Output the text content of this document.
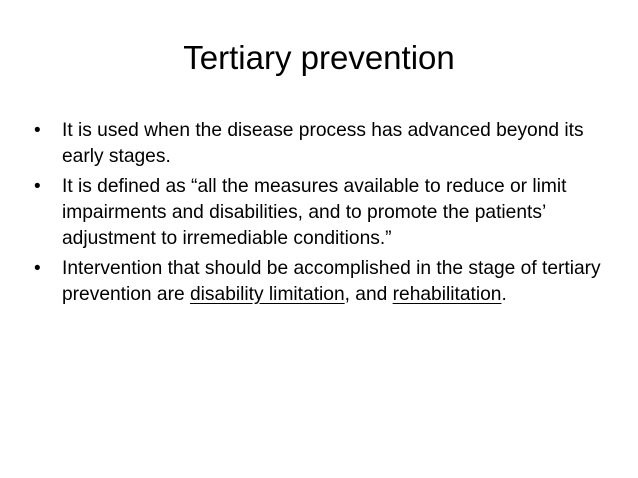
Tertiary prevention
•	It is used when the disease process has advanced beyond its early stages.
•	It is defined as “all the measures available to reduce or limit impairments and disabilities, and to promote the patients’ adjustment to irremediable conditions.”
•	Intervention that should be accomplished in the stage of tertiary prevention are disability limitation, and rehabilitation.
